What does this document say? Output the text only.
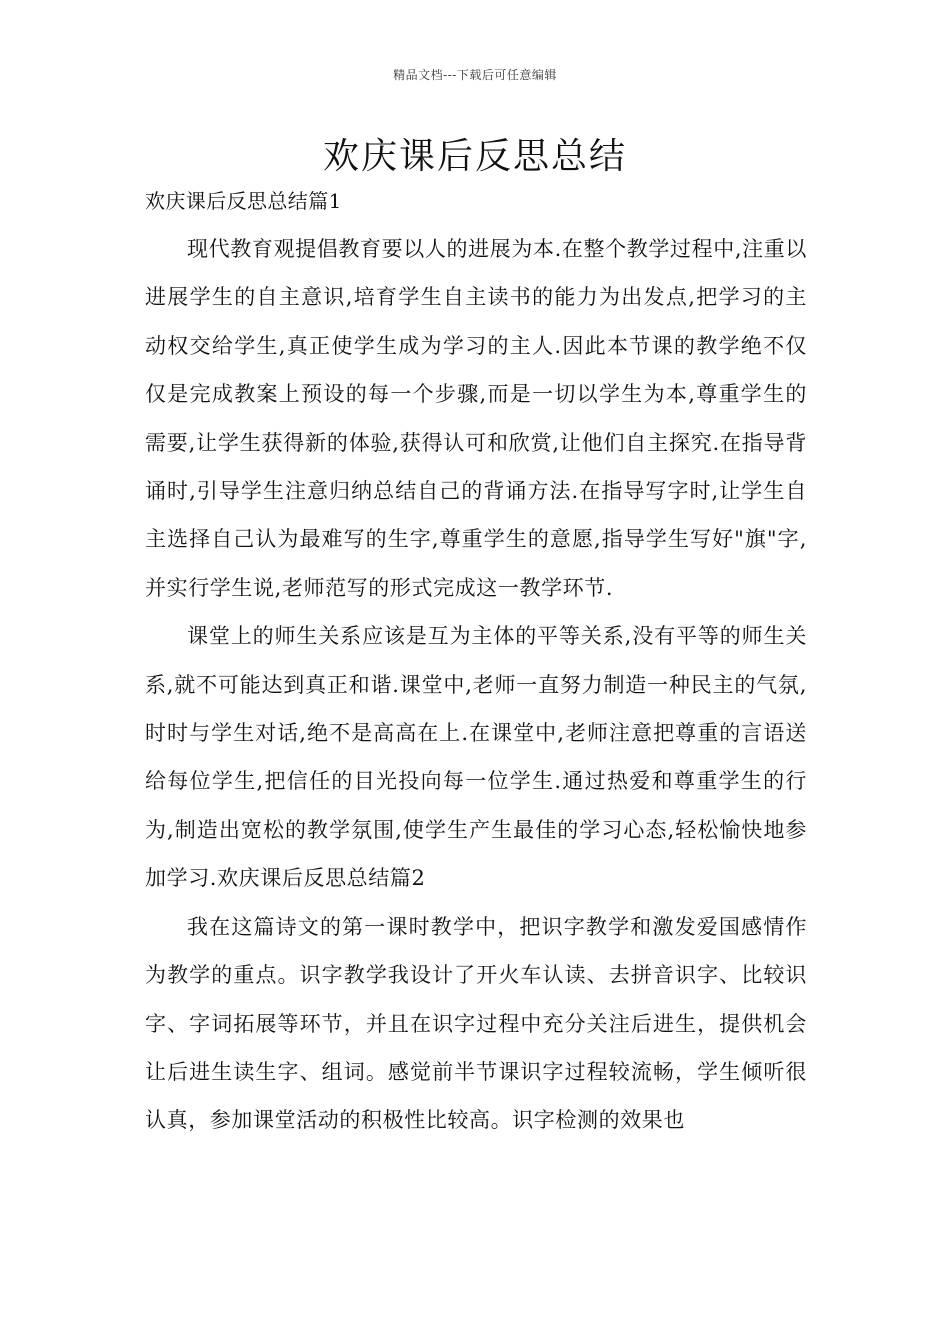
精品文档---下载后可任意编辑
欢庆课后反思总结
欢庆课后反思总结篇1

现代教育观提倡教育要以人的进展为本.在整个教学过程中,注重以进展学生的自主意识,培育学生自主读书的能力为出发点,把学习的主动权交给学生,真正使学生成为学习的主人.因此本节课的教学绝不仅仅是完成教案上预设的每一个步骤,而是一切以学生为本,尊重学生的需要,让学生获得新的体验,获得认可和欣赏,让他们自主探究.在指导背诵时,引导学生注意归纳总结自己的背诵方法.在指导写字时,让学生自主选择自己认为最难写的生字,尊重学生的意愿,指导学生写好"旗"字,并实行学生说,老师范写的形式完成这一教学环节.

课堂上的师生关系应该是互为主体的平等关系,没有平等的师生关系,就不可能达到真正和谐.课堂中,老师一直努力制造一种民主的气氛,时时与学生对话,绝不是高高在上.在课堂中,老师注意把尊重的言语送给每位学生,把信任的目光投向每一位学生.通过热爱和尊重学生的行为,制造出宽松的教学氛围,使学生产生最佳的学习心态,轻松愉快地参加学习.欢庆课后反思总结篇2

我在这篇诗文的第一课时教学中，把识字教学和激发爱国感情作为教学的重点。识字教学我设计了开火车认读、去拼音识字、比较识字、字词拓展等环节，并且在识字过程中充分关注后进生，提供机会让后进生读生字、组词。感觉前半节课识字过程较流畅，学生倾听很认真，参加课堂活动的积极性比较高。识字检测的效果也
